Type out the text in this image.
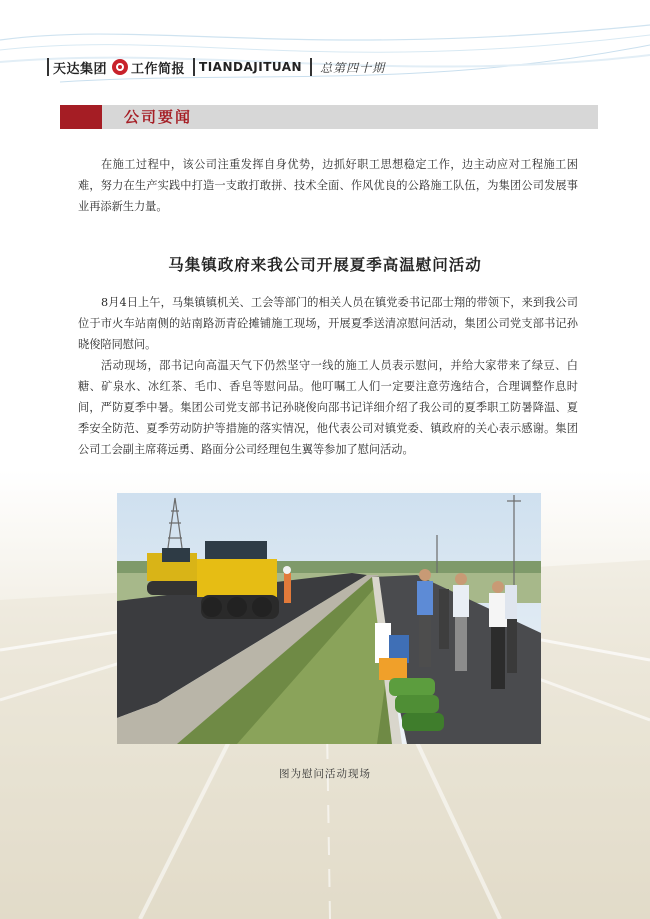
天达集团 工作简报 TIANDAJITUAN 总第四十期
公司要闻

在施工过程中，该公司注重发挥自身优势，边抓好职工思想稳定工作，边主动应对工程施工困难，努力在生产实践中打造一支敢打敢拼、技术全面、作风优良的公路施工队伍，为集团公司发展事业再添新生力量。

马集镇政府来我公司开展夏季高温慰问活动

8月4日上午，马集镇镇机关、工会等部门的相关人员在镇党委书记邵士翔的带领下，来到我公司位于市火车站南侧的站南路沥青砼摊铺施工现场，开展夏季送清凉慰问活动，集团公司党支部书记孙晓俊陪同慰问。

活动现场，邵书记向高温天气下仍然坚守一线的施工人员表示慰问，并给大家带来了绿豆、白糖、矿泉水、冰红茶、毛巾、香皂等慰问品。他叮嘱工人们一定要注意劳逸结合，合理调整作息时间，严防夏季中暑。集团公司党支部书记孙晓俊向邵书记详细介绍了我公司的夏季职工防暑降温、夏季安全防范、夏季劳动防护等措施的落实情况，他代表公司对镇党委、镇政府的关心表示感谢。集团公司工会副主席蒋远勇、路面分公司经理包生翼等参加了慰问活动。

图为慰问活动现场
